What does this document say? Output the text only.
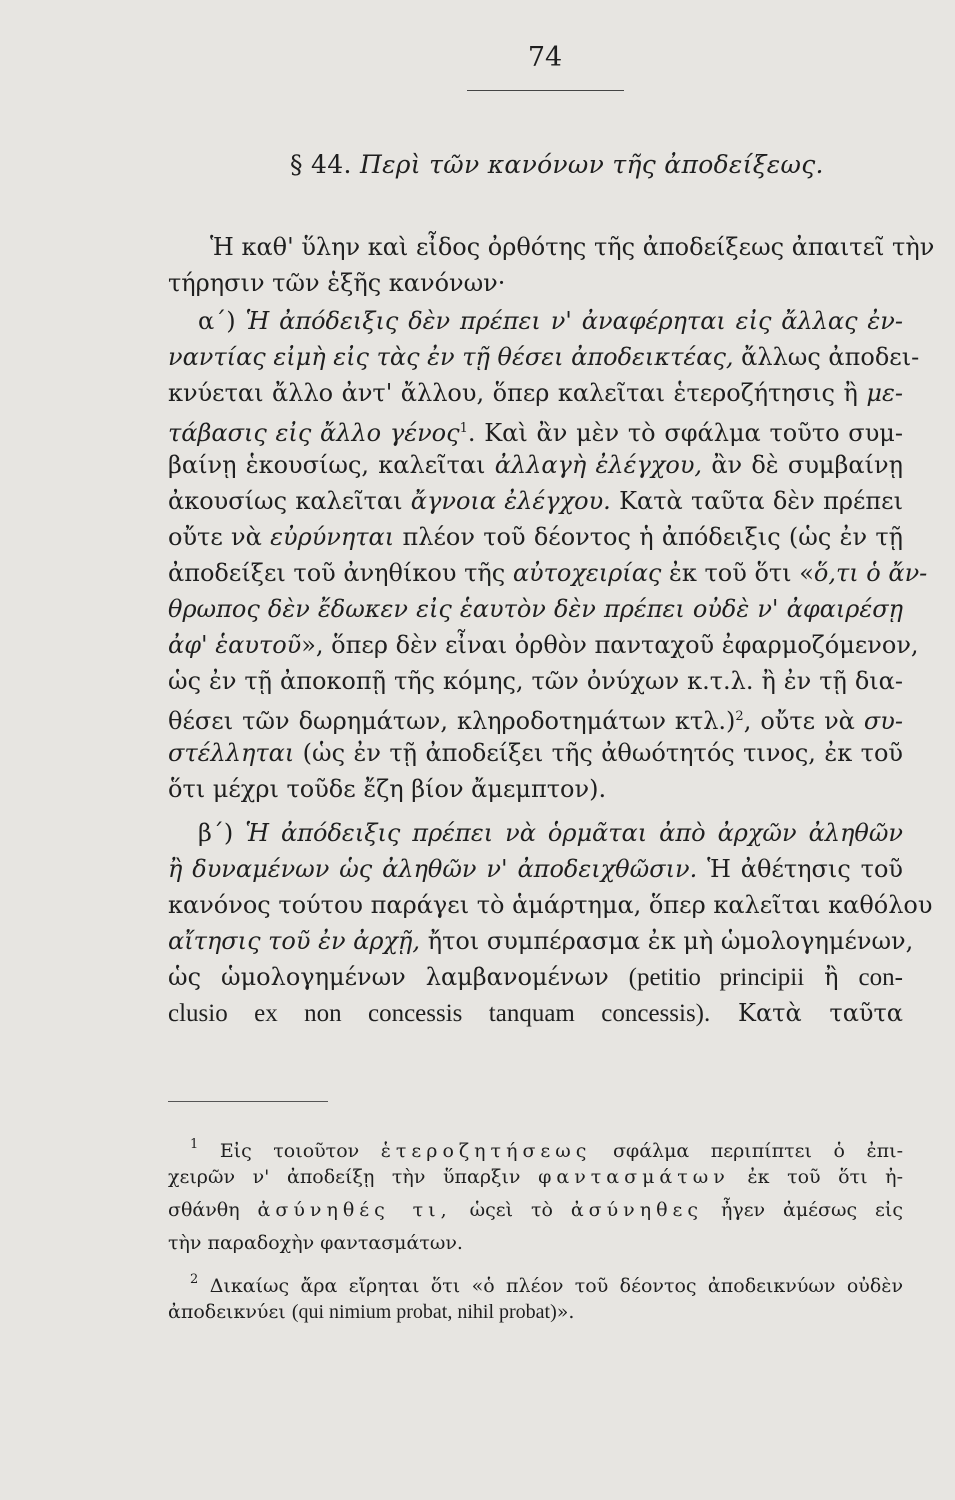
74
§ 44. Περὶ τῶν κανόνων τῆς ἀποδείξεως.
Ἡ καθ' ὕλην καὶ εἶδος ὀρθότης τῆς ἀποδείξεως ἀπαιτεῖ τὴν
τήρησιν τῶν ἑξῆς κανόνων·
α΄) Ἡ ἀπόδειξις δὲν πρέπει ν' ἀναφέρηται εἰς ἄλλας ἐν-
ναντίας εἰμὴ εἰς τὰς ἐν τῇ θέσει ἀποδεικτέας, ἄλλως ἀποδει-
κνύεται ἄλλο ἀντ' ἄλλου, ὅπερ καλεῖται ἑτεροζήτησις ἢ με-
τάβασις εἰς ἄλλο γένος$^1$. Καὶ ἂν μὲν τὸ σφάλμα τοῦτο συμ-
βαίνῃ ἑκουσίως, καλεῖται ἀλλαγὴ ἐλέγχου, ἂν δὲ συμβαίνῃ
ἀκουσίως καλεῖται ἄγνοια ἐλέγχου. Κατὰ ταῦτα δὲν πρέπει
οὔτε νὰ εὐρύνηται πλέον τοῦ δέοντος ἡ ἀπόδειξις (ὡς ἐν τῇ
ἀποδείξει τοῦ ἀνηθίκου τῆς αὐτοχειρίας ἐκ τοῦ ὅτι «ὅ,τι ὁ ἄν-
θρωπος δὲν ἔδωκεν εἰς ἑαυτὸν δὲν πρέπει οὐδὲ ν' ἀφαιρέσῃ
ἀφ' ἑαυτοῦ», ὅπερ δὲν εἶναι ὀρθὸν πανταχοῦ ἐφαρμοζόμενον,
ὡς ἐν τῇ ἀποκοπῇ τῆς κόμης, τῶν ὀνύχων κ.τ.λ. ἢ ἐν τῇ δια-
θέσει τῶν δωρημάτων, κληροδοτημάτων κτλ.)$^2$, οὔτε νὰ συ-
στέλληται (ὡς ἐν τῇ ἀποδείξει τῆς ἀθωότητός τινος, ἐκ τοῦ
ὅτι μέχρι τοῦδε ἔζη βίον ἄμεμπτον).
β΄) Ἡ ἀπόδειξις πρέπει νὰ ὁρμᾶται ἀπὸ ἀρχῶν ἀληθῶν
ἢ δυναμένων ὡς ἀληθῶν ν' ἀποδειχθῶσιν. Ἡ ἀθέτησις τοῦ
κανόνος τούτου παράγει τὸ ἁμάρτημα, ὅπερ καλεῖται καθόλου
αἴτησις τοῦ ἐν ἀρχῇ, ἤτοι συμπέρασμα ἐκ μὴ ὡμολογημένων,
ὡς ὡμολογημένων λαμβανομένων (petitio principii ἢ con-
clusio ex non concessis tanquam concessis). Κατὰ ταῦτα
$^1$ Εἰς τοιοῦτον ἑτεροζητήσεως σφάλμα περιπίπτει ὁ ἐπι-
χειρῶν ν' ἀποδείξῃ τὴν ὕπαρξιν φαντασμάτων ἐκ τοῦ ὅτι ἠ-
σθάνθη ἀσύνηθές τι, ὡςεὶ τὸ ἀσύνηθες ἦγεν ἀμέσως εἰς
τὴν παραδοχὴν φαντασμάτων.
$^2$ Δικαίως ἄρα εἴρηται ὅτι «ὁ πλέον τοῦ δέοντος ἀποδεικνύων οὐδὲν
ἀποδεικνύει (qui nimium probat, nihil probat)».
